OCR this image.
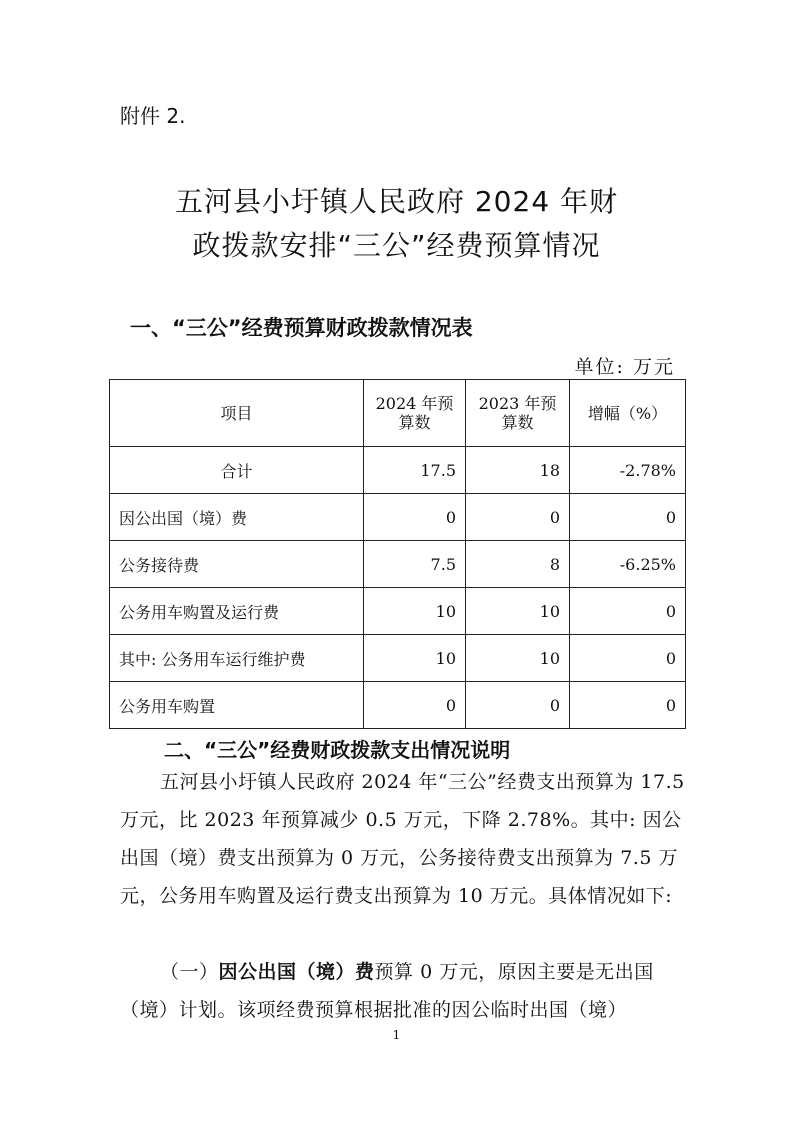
附件 2.
五河县小圩镇人民政府 2024 年财
政拨款安排“三公”经费预算情况
一、“三公”经费预算财政拨款情况表
单位: 万元
项目	2024 年预算数	2023 年预算数	增幅（%）
合计	17.5	18	-2.78%
因公出国（境）费	0	0	0
公务接待费	7.5	8	-6.25%
公务用车购置及运行费	10	10	0
其中: 公务用车运行维护费	10	10	0
公务用车购置	0	0	0
二、“三公”经费财政拨款支出情况说明
五河县小圩镇人民政府 2024 年“三公”经费支出预算为 17.5 万元，比 2023 年预算减少 0.5 万元，下降 2.78%。其中: 因公出国（境）费支出预算为 0 万元，公务接待费支出预算为 7.5 万元，公务用车购置及运行费支出预算为 10 万元。具体情况如下:
（一）因公出国（境）费预算 0 万元，原因主要是无出国（境）计划。该项经费预算根据批准的因公临时出国（境）
1
